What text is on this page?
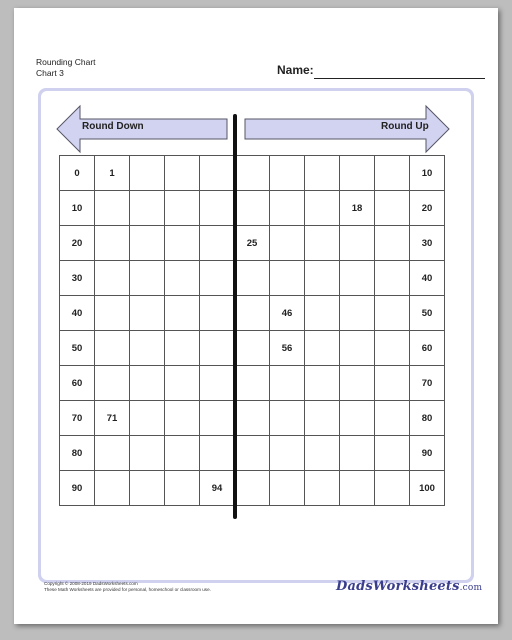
Rounding Chart
Chart 3	Name:
Round Down	Round Up
0	1									10
10								18		20
20					25					30
30										40
40						46				50
50						56				60
60										70
70	71									80
80										90
90				94						100
Copyright © 2008-2019 DadsWorksheets.com
These Math Worksheets are provided for personal, homeschool or classroom use.	DadsWorksheets.com
